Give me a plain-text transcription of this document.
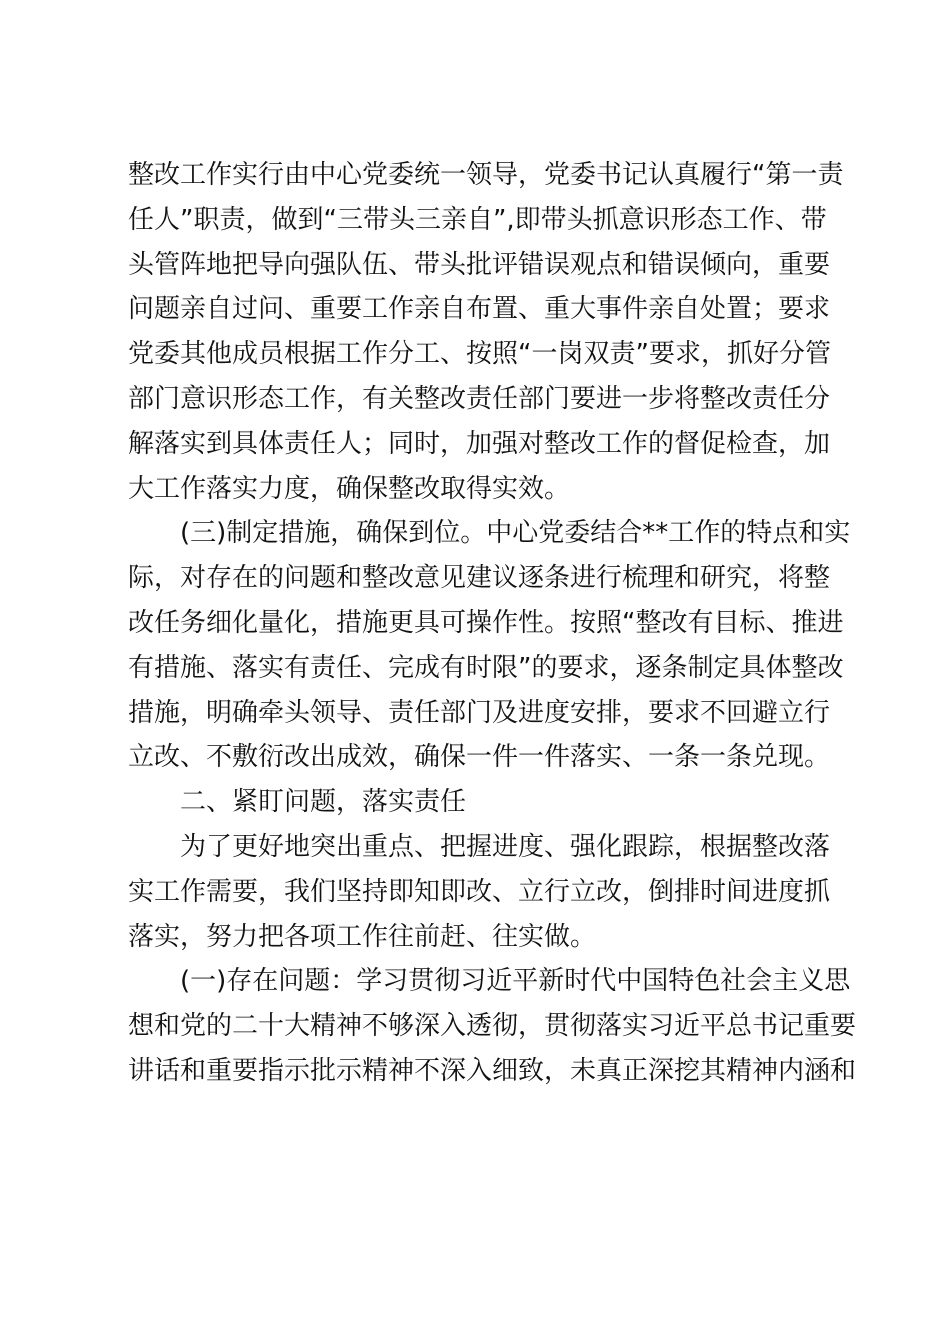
整改工作实行由中心党委统一领导，党委书记认真履行“第一责
任人”职责，做到“三带头三亲自”,即带头抓意识形态工作、带
头管阵地把导向强队伍、带头批评错误观点和错误倾向，重要
问题亲自过问、重要工作亲自布置、重大事件亲自处置；要求
党委其他成员根据工作分工、按照“一岗双责”要求，抓好分管
部门意识形态工作，有关整改责任部门要进一步将整改责任分
解落实到具体责任人；同时，加强对整改工作的督促检查，加
大工作落实力度，确保整改取得实效。
(三)制定措施，确保到位。中心党委结合**工作的特点和实
际，对存在的问题和整改意见建议逐条进行梳理和研究，将整
改任务细化量化，措施更具可操作性。按照“整改有目标、推进
有措施、落实有责任、完成有时限”的要求，逐条制定具体整改
措施，明确牵头领导、责任部门及进度安排，要求不回避立行
立改、不敷衍改出成效，确保一件一件落实、一条一条兑现。
二、紧盯问题，落实责任
为了更好地突出重点、把握进度、强化跟踪，根据整改落
实工作需要，我们坚持即知即改、立行立改，倒排时间进度抓
落实，努力把各项工作往前赶、往实做。
(一)存在问题：学习贯彻习近平新时代中国特色社会主义思
想和党的二十大精神不够深入透彻，贯彻落实习近平总书记重要
讲话和重要指示批示精神不深入细致，未真正深挖其精神内涵和
